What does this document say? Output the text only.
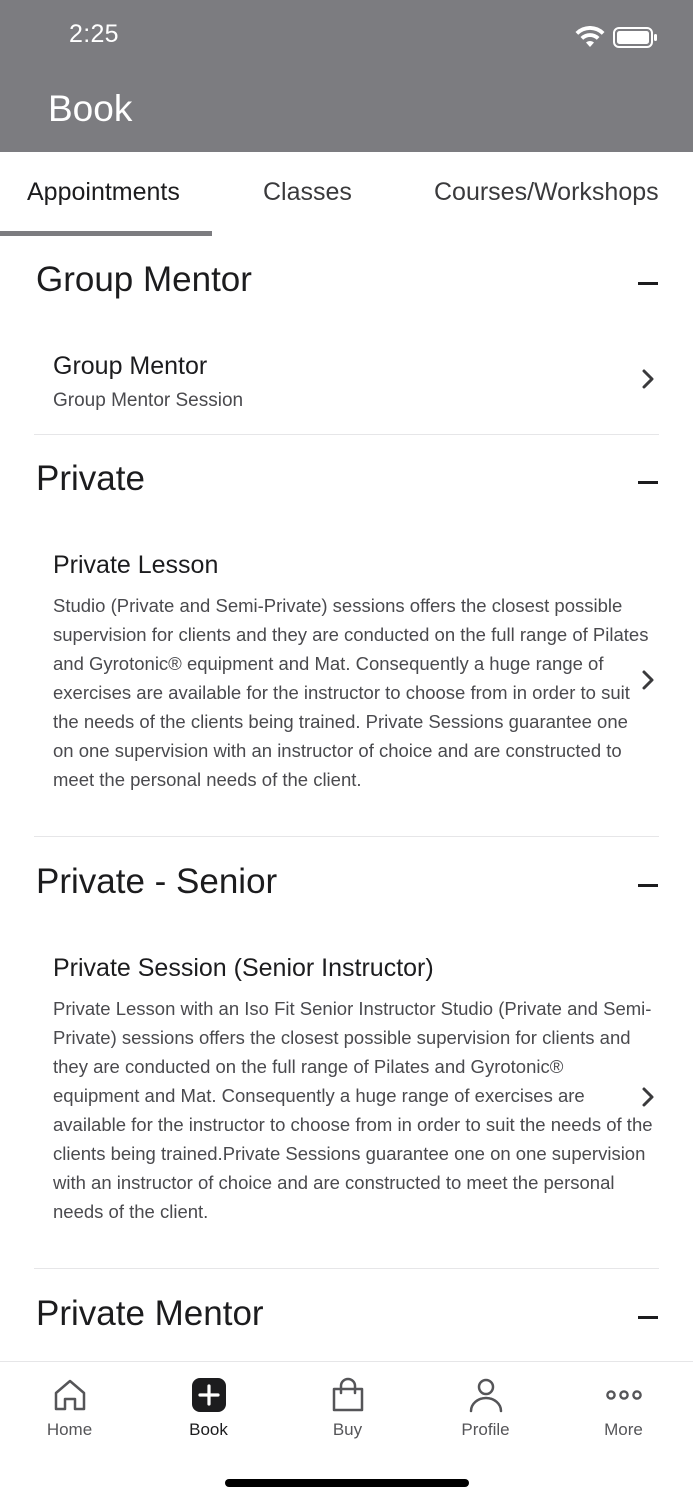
2:25
Book
Appointments	Classes	Courses/Workshops
Group Mentor
Group Mentor
Group Mentor Session
Private
Private Lesson
Studio (Private and Semi-Private) sessions offers the closest possible supervision for clients and they are conducted on the full range of Pilates and Gyrotonic® equipment and Mat. Consequently a huge range of exercises are available for the instructor to choose from in order to suit the needs of the clients being trained. Private Sessions guarantee one on one supervision with an instructor of choice and are constructed to meet the personal needs of the client.
Private - Senior
Private Session (Senior Instructor)
Private Lesson with an Iso Fit Senior Instructor Studio (Private and Semi-Private) sessions offers the closest possible supervision for clients and they are conducted on the full range of Pilates and Gyrotonic® equipment and Mat. Consequently a huge range of exercises are available for the instructor to choose from in order to suit the needs of the clients being trained.Private Sessions guarantee one on one supervision with an instructor of choice and are constructed to meet the personal needs of the client.
Private Mentor
Home	Book	Buy	Profile	More
